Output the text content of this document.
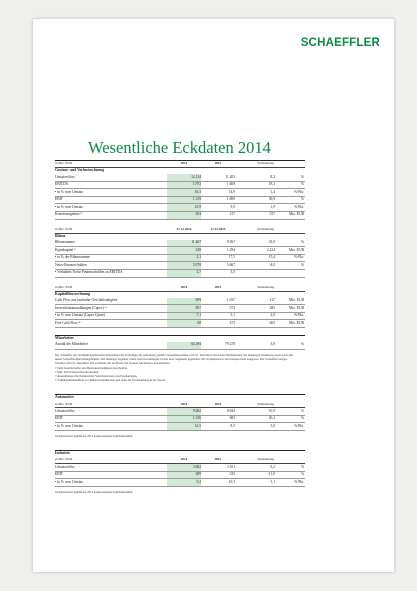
SCHAEFFLER
Wesentliche Eckdaten 2014
in Mio. EUR	2014	2013	Veränderung	
Gewinn- und Verlustrechnung				
Umsatzerlöse	12.124	11.205	8,2	%
EBITDA	1.972	1.669	18,2	%
• in % vom Umsatz	16,3	14,9	1,4	%-Pkt.
EBIT	1.319	1.008	30,9	%
• in % vom Umsatz	10,9	9,0	1,9	%-Pkt.
Konzernergebnis ¹⁾	654	127	527	Mio. EUR
in Mio. EUR	31.12.2014	31.12.2013	Veränderung	
Bilanz				
Bilanzsumme	11.467	8.567	33,9	%
Eigenkapital ²⁾	238	1.294	2.224	Mio. EUR
• in % der Bilanzsumme	2,1	17,5	15,4	%-Pkt.
Netto-Finanzschulden	5.078	5.667	-4,0	%
• Verhältnis Netto-Finanzschulden zu EBITDA	2,7	3,5		
in Mio. EUR	2014	2013	Veränderung	
Kapitalflussrechnung				
Cash Flow aus laufender Geschäftstätigkeit	859	1.037	-127	Mio. EUR
Investitionsauszahlungen (Capex) ³⁾	857	572	285	Mio. EUR
• in % vom Umsatz (Capex Quote)	7,1	5,1	2,0	%-Pkt.
Free Cash Flow ⁴⁾	68	473	-405	Mio. EUR
Mitarbeiter
Anzahl der Mitarbeiter	82.294	79.278	3,8	%
Die Schaeffler AG bestimmt Konzernabschlusszahlen auf Grundlage der Aufteilung gemäß Vorstandsbeschluss vom 31. Dezember 2014 unter Beibehaltung der bisherigen Strukturen sowie nach den neuen Schaeffler-Berichtssegmenten. Das bisherige Segment wurde zum Geschäftsjahr in drei neue Segmente gegliedert; die Vorjahreswerte sind entsprechend angepasst. Die Schaeffler-Gruppe berichtet zum 31. Dezember 2014 erstmals auf der Basis von Sparten Automotive und Industrie.
¹⁾ Dem Gesellschafter des Mutterunternehmens zurechenbar.
²⁾ Inkl. nicht beherrschender Anteile.
³⁾ Auszahlungen für immaterielle Vermögenswerte und Sachanlagen.
⁴⁾ Zahlungsmittelzufluss vor M&A-Transaktionen und ohne die Vorabzahlung an die Sparte.
Automotive				
in Mio. EUR	2014	2013	Veränderung	
Umsatzerlöse	9.062	8.044	10,9	%
EBIT	1.136	683	30,2	%
• in % vom Umsatz	12,5	8,5	3,0	%-Pkt.
Vorjahreswerte gemäß der 2014 ausgewiesenen Segmentstruktur.
Industrie				
in Mio. EUR	2014	2013	Veränderung	
Umsatzerlöse	3.062	3.161	-3,2	%
EBIT	289	325	-11,0	%
• in % vom Umsatz	9,2	10,3	-1,1	%-Pkt.
Vorjahreswerte gemäß der 2014 ausgewiesenen Segmentstruktur.
